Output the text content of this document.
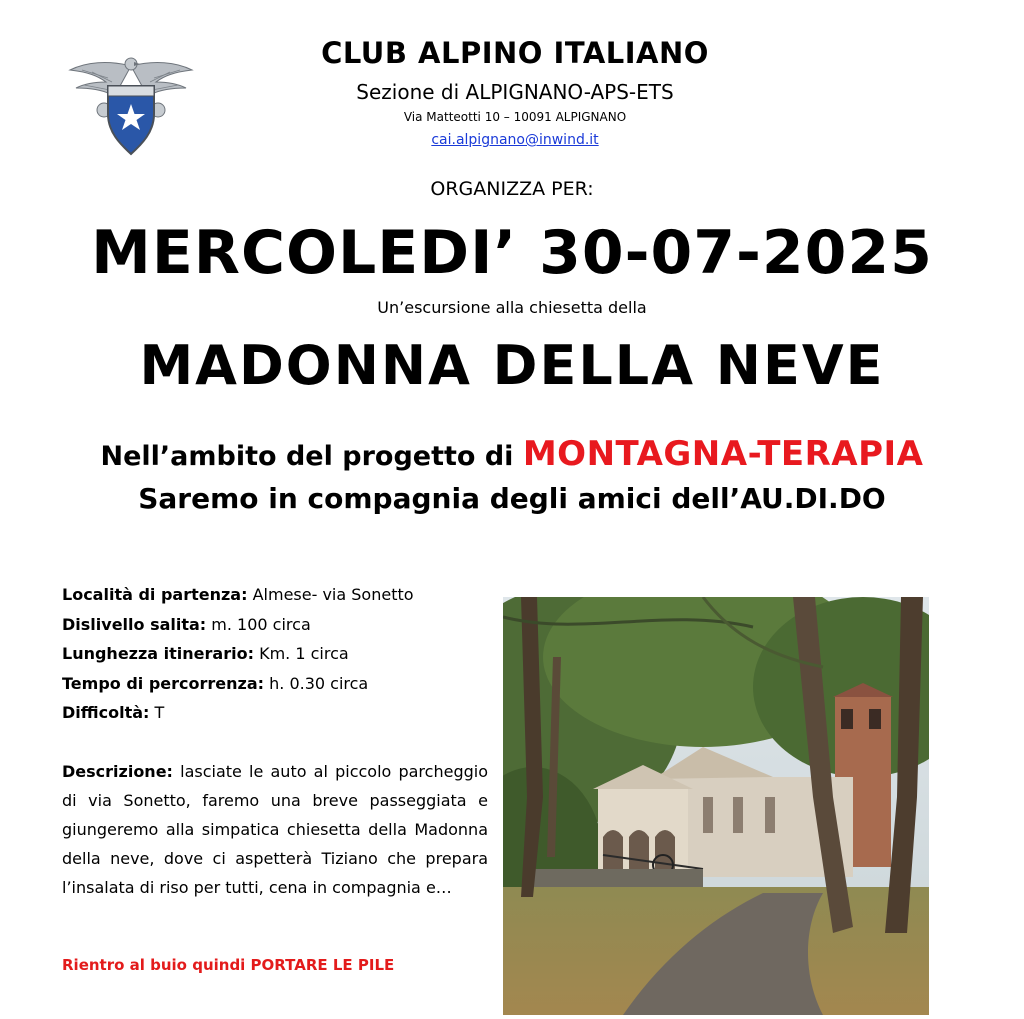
CLUB ALPINO ITALIANO
Sezione di ALPIGNANO-APS-ETS
Via Matteotti 10 – 10091 ALPIGNANO
cai.alpignano@inwind.it
ORGANIZZA PER:
MERCOLEDI’ 30-07-2025
Un’escursione alla chiesetta della
MADONNA DELLA NEVE
Nell’ambito del progetto di MONTAGNA-TERAPIA
Saremo in compagnia degli amici dell’AU.DI.DO
Località di partenza: Almese- via Sonetto
Dislivello salita: m. 100 circa
Lunghezza itinerario: Km. 1 circa
Tempo di percorrenza: h. 0.30 circa
Difficoltà: T
Descrizione: lasciate le auto al piccolo parcheggio di via Sonetto, faremo una breve passeggiata e giungeremo alla simpatica chiesetta della Madonna della neve, dove ci aspetterà Tiziano che prepara l’insalata di riso per tutti, cena in compagnia e…
Rientro al buio quindi PORTARE LE PILE
